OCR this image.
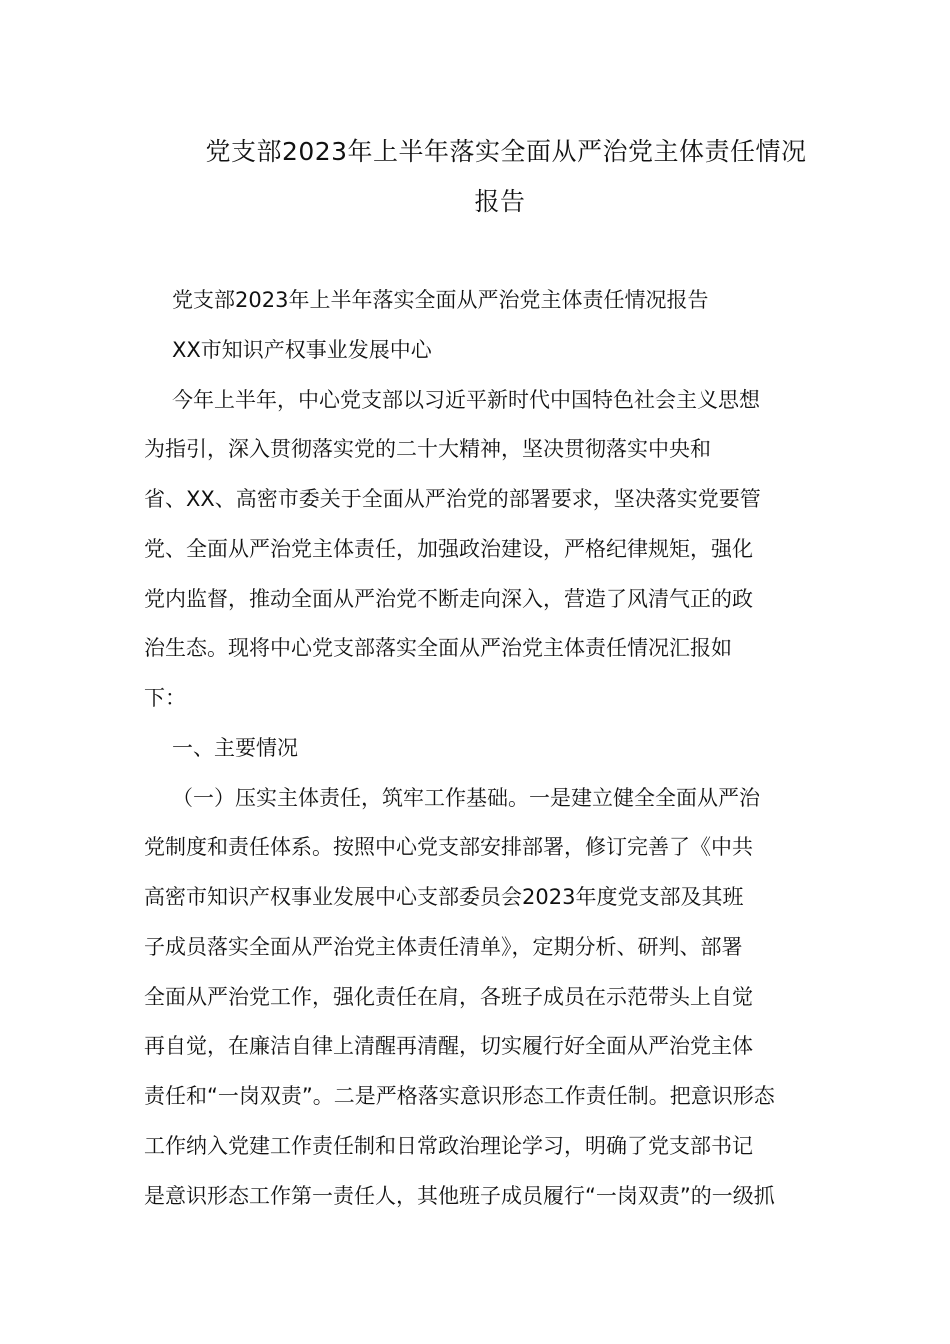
党支部2023年上半年落实全面从严治党主体责任情况
报告
党支部2023年上半年落实全面从严治党主体责任情况报告
XX市知识产权事业发展中心
今年上半年，中心党支部以习近平新时代中国特色社会主义思想
为指引，深入贯彻落实党的二十大精神，坚决贯彻落实中央和
省、XX、高密市委关于全面从严治党的部署要求，坚决落实党要管
党、全面从严治党主体责任，加强政治建设，严格纪律规矩，强化
党内监督，推动全面从严治党不断走向深入，营造了风清气正的政
治生态。现将中心党支部落实全面从严治党主体责任情况汇报如
下：
一、主要情况
（一）压实主体责任，筑牢工作基础。一是建立健全全面从严治
党制度和责任体系。按照中心党支部安排部署，修订完善了《中共
高密市知识产权事业发展中心支部委员会2023年度党支部及其班
子成员落实全面从严治党主体责任清单》，定期分析、研判、部署
全面从严治党工作，强化责任在肩，各班子成员在示范带头上自觉
再自觉，在廉洁自律上清醒再清醒，切实履行好全面从严治党主体
责任和“一岗双责”。二是严格落实意识形态工作责任制。把意识形态
工作纳入党建工作责任制和日常政治理论学习，明确了党支部书记
是意识形态工作第一责任人，其他班子成员履行“一岗双责”的一级抓
